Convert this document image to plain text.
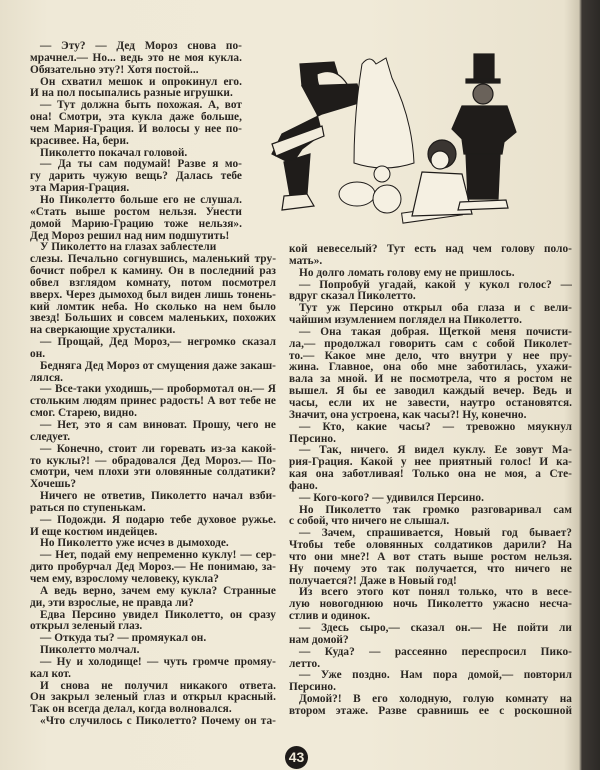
— Эту? — Дед Мороз снова по-
мрачнел.— Но... ведь это не моя кукла.
Обязательно эту?! Хотя постой...
Он схватил мешок и опрокинул его.
И на пол посыпались разные игрушки.
— Тут должна быть похожая. А, вот
она! Смотри, эта кукла даже больше,
чем Мария-Грация. И волосы у нее по-
красивее. На, бери.
Пиколетто покачал головой.
— Да ты сам подумай! Разве я мо-
гу дарить чужую вещь? Далась тебе
эта Мария-Грация.
Но Пиколетто больше его не слушал.
«Стать выше ростом нельзя. Унести
домой Марию-Грацию тоже нельзя».
Дед Мороз решил над ним подшутить!
У Пиколетто на глазах заблестели
слезы. Печально согнувшись, маленький тру-
бочист побрел к камину. Он в последний раз
обвел взглядом комнату, потом посмотрел
вверх. Через дымоход был виден лишь тонень-
кий ломтик неба. Но сколько на нем было
звезд! Больших и совсем маленьких, похожих
на сверкающие хрусталики.
— Прощай, Дед Мороз,— негромко сказал
он.
Бедняга Дед Мороз от смущения даже закаш-
лялся.
— Все-таки уходишь,— пробормотал он.— Я
стольким людям принес радость! А вот тебе не
смог. Старею, видно.
— Нет, это я сам виноват. Прошу, чего не
следует.
— Конечно, стоит ли горевать из-за какой-
то куклы?! — обрадовался Дед Мороз.— По-
смотри, чем плохи эти оловянные солдатики?
Хочешь?
Ничего не ответив, Пиколетто начал взби-
раться по ступенькам.
— Подожди. Я подарю тебе духовое ружье.
И еще костюм индейцев.
Но Пиколетто уже исчез в дымоходе.
— Нет, подай ему непременно куклу! — сер-
дито пробурчал Дед Мороз.— Не понимаю, за-
чем ему, взрослому человеку, кукла?
А ведь верно, зачем ему кукла? Странные
ди, эти взрослые, не правда ли?
Едва Персино увидел Пиколетто, он сразу
открыл зеленый глаз.
— Откуда ты? — промяукал он.
Пиколетто молчал.
— Ну и холодище! — чуть громче промяу-
кал кот.
И снова не получил никакого ответа.
Он закрыл зеленый глаз и открыл красный.
Так он всегда делал, когда волновался.
«Что случилось с Пиколетто? Почему он та-
кой невеселый? Тут есть над чем голову поло-
мать».
Но долго ломать голову ему не пришлось.
— Попробуй угадай, какой у кукол голос? —
вдруг сказал Пиколетто.
Тут уж Персино открыл оба глаза и с вели-
чайшим изумлением поглядел на Пиколетто.
— Она такая добрая. Щеткой меня почисти-
ла,— продолжал говорить сам с собой Пиколет-
то.— Какое мне дело, что внутри у нее пру-
жина. Главное, она обо мне заботилась, ухажи-
вала за мной. И не посмотрела, что я ростом не
вышел. Я бы ее заводил каждый вечер. Ведь и
часы, если их не завести, наутро остановятся.
Значит, она устроена, как часы?! Ну, конечно.
— Кто, какие часы? — тревожно мяукнул
Персино.
— Так, ничего. Я видел куклу. Ее зовут Ма-
рия-Грация. Какой у нее приятный голос! И ка-
кая она заботливая! Только она не моя, а Сте-
фано.
— Кого-кого? — удивился Персино.
Но Пиколетто так громко разговаривал сам
с собой, что ничего не слышал.
— Зачем, спрашивается, Новый год бывает?
Чтобы тебе оловянных солдатиков дарили? На
что они мне?! А вот стать выше ростом нельзя.
Ну почему это так получается, что ничего не
получается?! Даже в Новый год!
Из всего этого кот понял только, что в весе-
лую новогоднюю ночь Пиколетто ужасно несча-
стлив и одинок.
— Здесь сыро,— сказал он.— Не пойти ли
нам домой?
— Куда? — рассеянно переспросил Пико-
летто.
— Уже поздно. Нам пора домой,— повторил
Персино.
Домой?! В его холодную, голую комнату на
втором этаже. Разве сравнишь ее с роскошной
43
